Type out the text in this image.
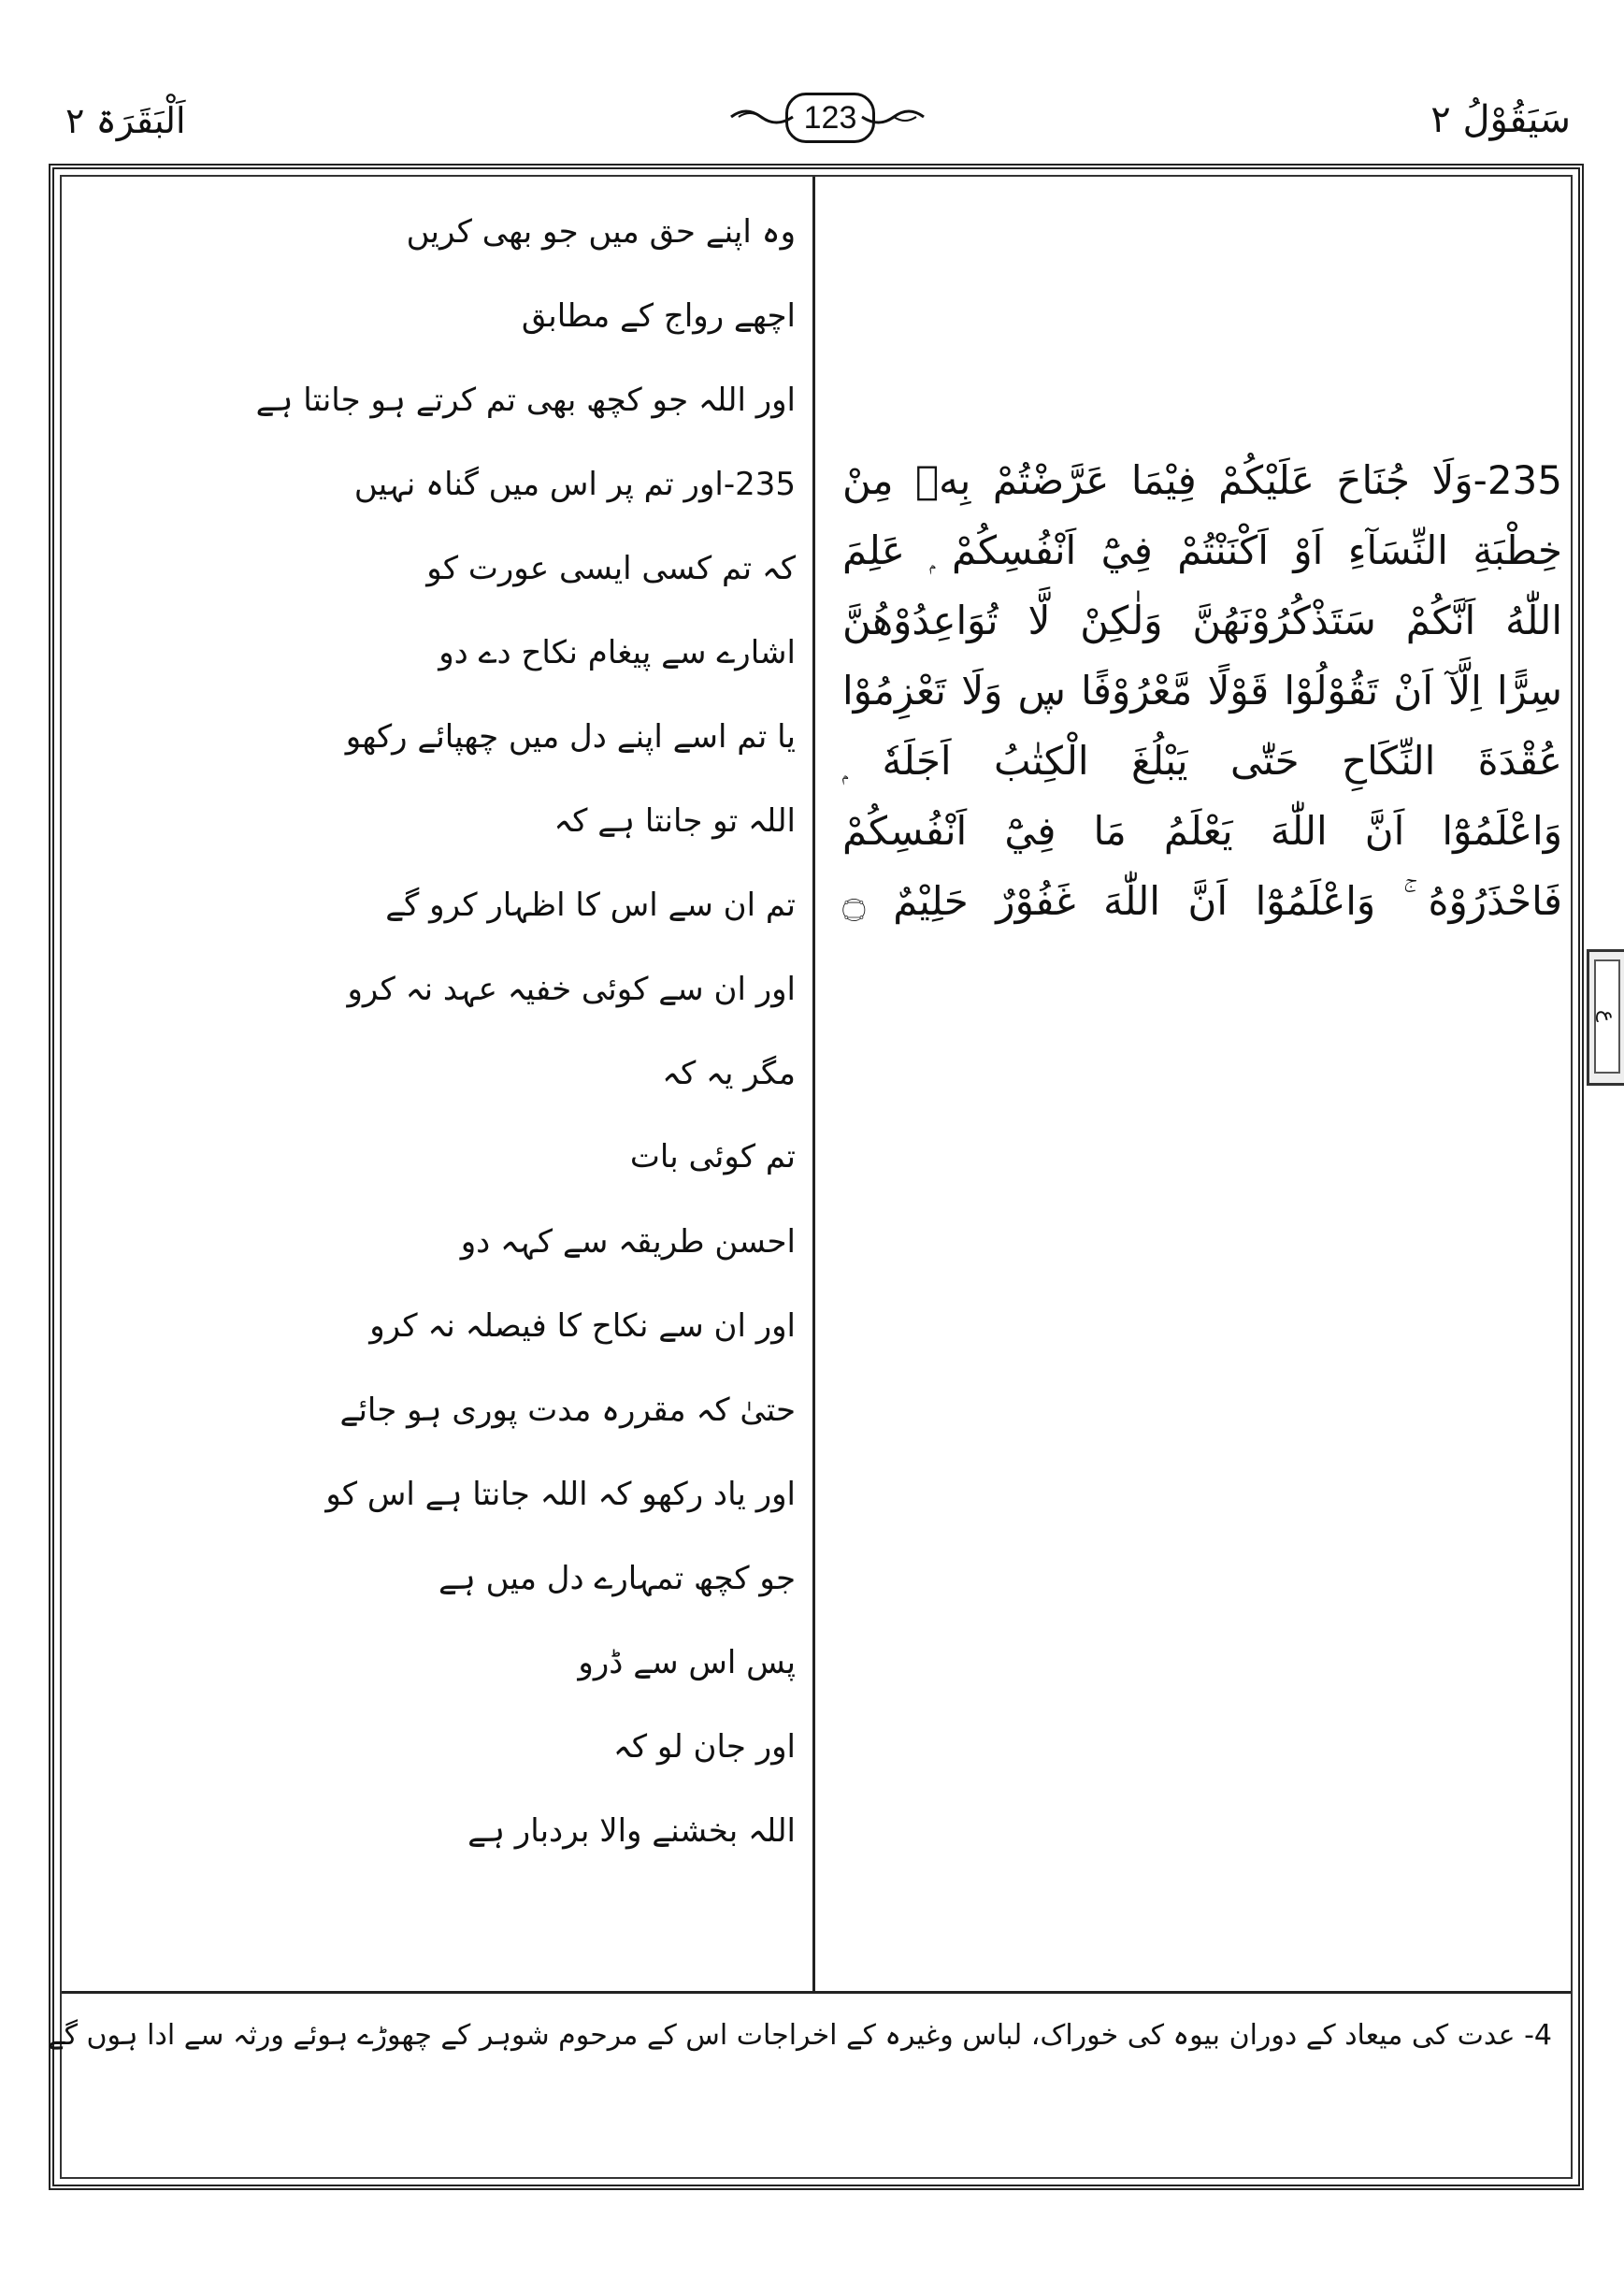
اَلْبَقَرَۃ ۲	123	سَيَقُوْلُ ۲
وہ اپنے حق میں جو بھی کریں
اچھے رواج کے مطابق
اور اللہ جو کچھ بھی تم کرتے ہو جانتا ہے
235-اور تم پر اس میں گناہ نہیں
کہ تم کسی ایسی عورت کو
اشارے سے پیغام نکاح دے دو
یا تم اسے اپنے دل میں چھپائے رکھو
اللہ تو جانتا ہے کہ
تم ان سے اس کا اظہار کرو گے
اور ان سے کوئی خفیہ عہد نہ کرو
مگر یہ کہ
تم کوئی بات
احسن طریقہ سے کہہ دو
اور ان سے نکاح کا فیصلہ نہ کرو
حتیٰ کہ مقررہ مدت پوری ہو جائے
اور یاد رکھو کہ اللہ جانتا ہے اس کو
جو کچھ تمہارے دل میں ہے
پس اس سے ڈرو
اور جان لو کہ
اللہ بخشنے والا بردبار ہے
235-وَلَا جُنَاحَ عَلَيْكُمْ فِيْمَا عَرَّضْتُمْ بِهٖ مِنْ
خِطْبَةِ النِّسَآءِ اَوْ اَكْنَنْتُمْ فِيْٓ اَنْفُسِكُمْ ۭ عَلِمَ
اللّٰهُ اَنَّكُمْ سَتَذْكُرُوْنَهُنَّ وَلٰكِنْ لَّا تُوَاعِدُوْهُنَّ
سِرًّا اِلَّآ اَنْ تَقُوْلُوْا قَوْلًا مَّعْرُوْفًا ڛ وَلَا تَعْزِمُوْا
عُقْدَةَ النِّكَاحِ حَتّٰى يَبْلُغَ الْكِتٰبُ اَجَلَهٗ ۭ
وَاعْلَمُوْٓا اَنَّ اللّٰهَ يَعْلَمُ مَا فِيْٓ اَنْفُسِكُمْ
فَاحْذَرُوْهُ ۚ وَاعْلَمُوْٓا اَنَّ اللّٰهَ غَفُوْرٌ حَلِيْمٌ ۝
4- عدت کی میعاد کے دوران بیوہ کی خوراک، لباس وغیرہ کے اخراجات اس کے مرحوم شوہر کے چھوڑے ہوئے ورثہ سے ادا ہوں گے
ع
